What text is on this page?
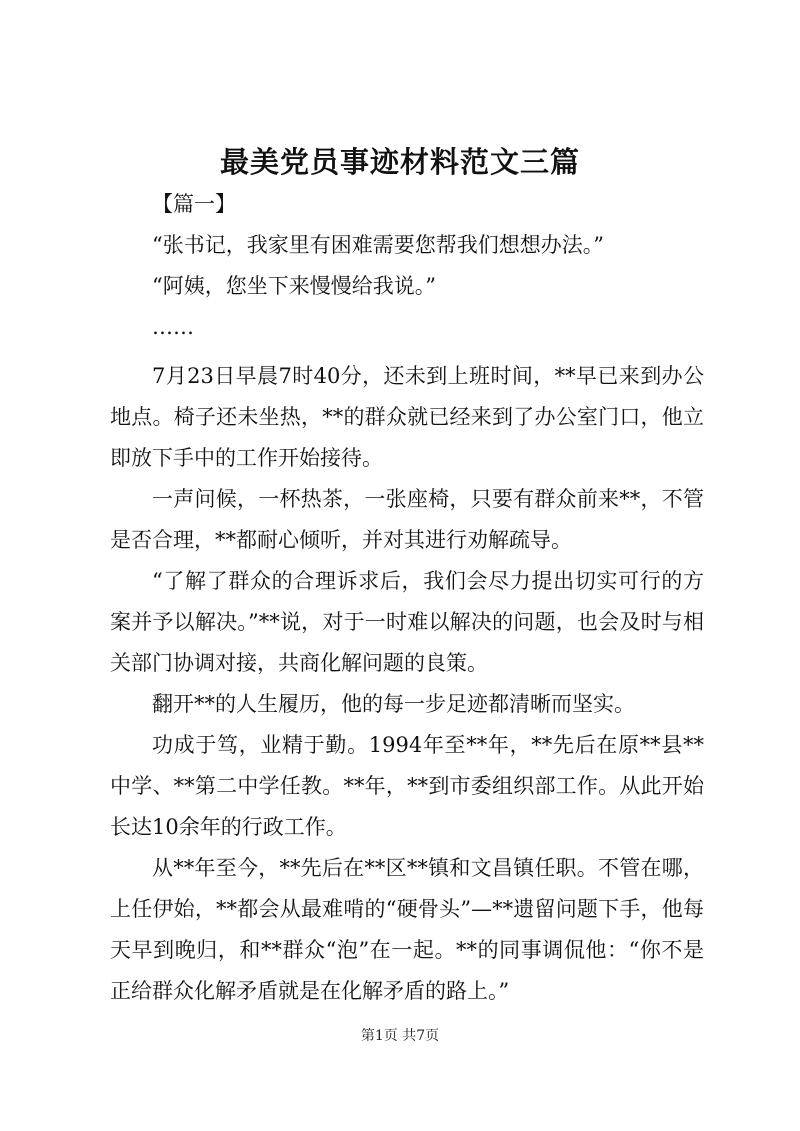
最美党员事迹材料范文三篇

【篇一】

“张书记，我家里有困难需要您帮我们想想办法。”

“阿姨，您坐下来慢慢给我说。”

……

7月23日早晨7时40分，还未到上班时间，**早已来到办公地点。椅子还未坐热，**的群众就已经来到了办公室门口，他立即放下手中的工作开始接待。

一声问候，一杯热茶，一张座椅，只要有群众前来**，不管是否合理，**都耐心倾听，并对其进行劝解疏导。

“了解了群众的合理诉求后，我们会尽力提出切实可行的方案并予以解决。”**说，对于一时难以解决的问题，也会及时与相关部门协调对接，共商化解问题的良策。

翻开**的人生履历，他的每一步足迹都清晰而坚实。

功成于笃，业精于勤。1994年至**年，**先后在原**县**中学、**第二中学任教。**年，**到市委组织部工作。从此开始长达10余年的行政工作。

从**年至今，**先后在**区**镇和文昌镇任职。不管在哪，上任伊始，**都会从最难啃的“硬骨头”—**遗留问题下手，他每天早到晚归，和**群众“泡”在一起。**的同事调侃他：“你不是正给群众化解矛盾就是在化解矛盾的路上。”

第1页 共7页
